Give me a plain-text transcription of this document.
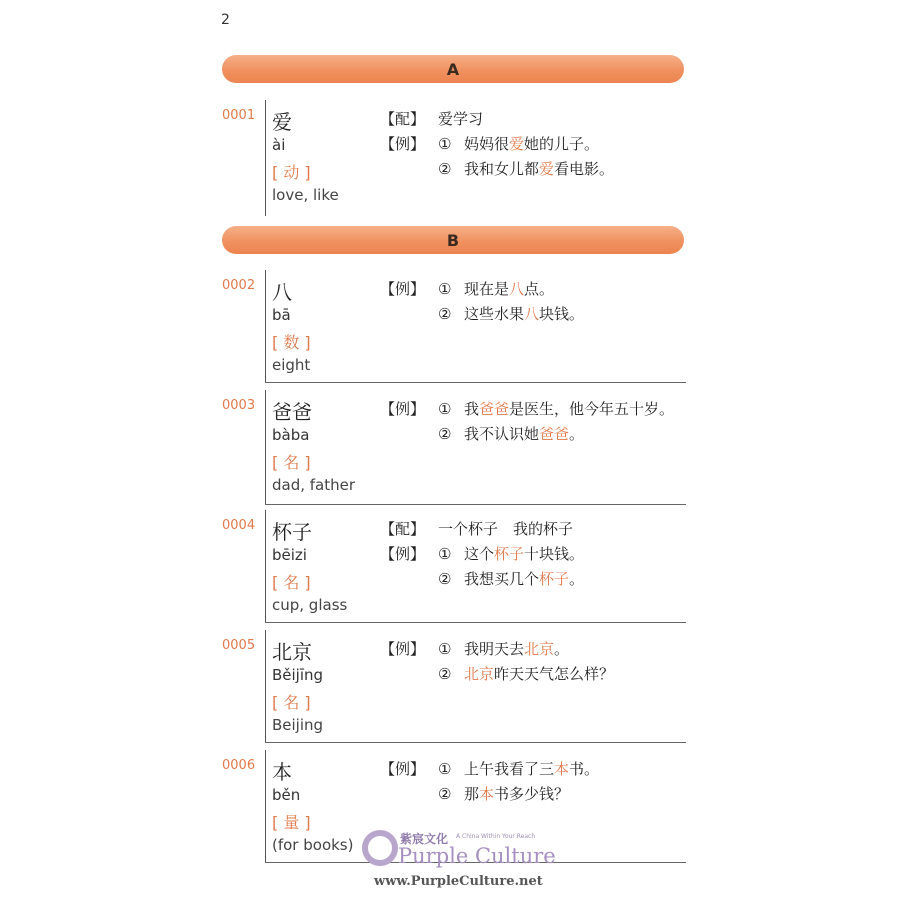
2
A
0001 爱
ài
[ 动 ]
love, like
【配】 爱学习
【例】 ① 妈妈很爱她的儿子。
② 我和女儿都爱看电影。
B
0002 八
bā
[ 数 ]
eight
【例】 ① 现在是八点。
② 这些水果八块钱。
0003 爸爸
bàba
[ 名 ]
dad, father
【例】 ① 我爸爸是医生，他今年五十岁。
② 我不认识她爸爸。
0004 杯子
bēizi
[ 名 ]
cup, glass
【配】 一个杯子　我的杯子
【例】 ① 这个杯子十块钱。
② 我想买几个杯子。
0005 北京
Běijīng
[ 名 ]
Beijing
【例】 ① 我明天去北京。
② 北京昨天天气怎么样？
0006 本
běn
[ 量 ]
(for books)
【例】 ① 上午我看了三本书。
② 那本书多少钱？
紫宸文化 A China Within Your Reach
Purple Culture
www.PurpleCulture.net
